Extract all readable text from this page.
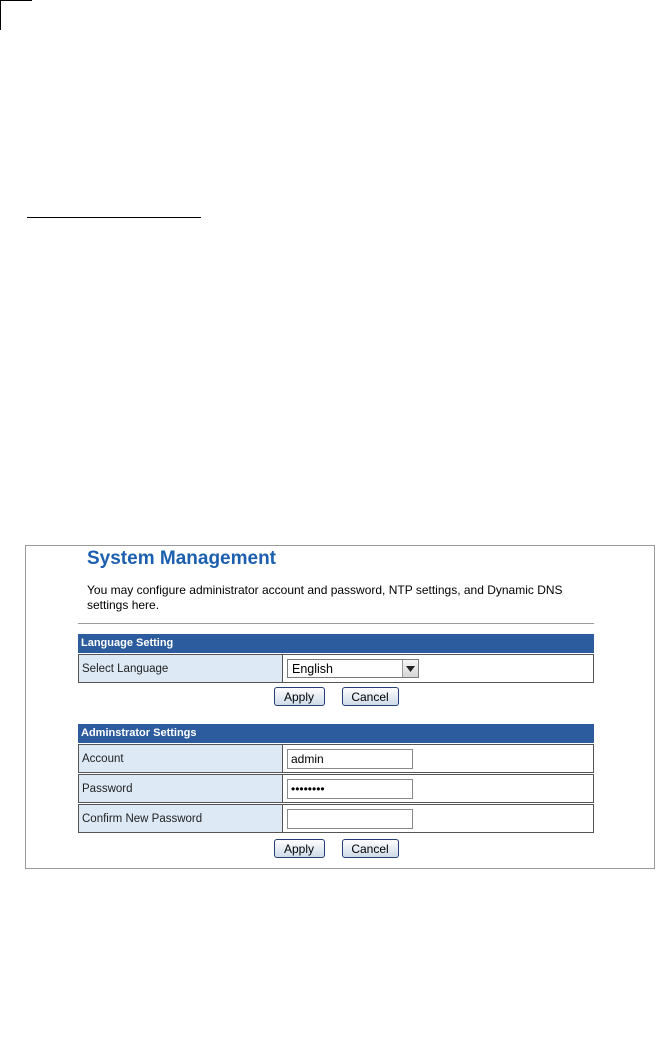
System Management

You may configure administrator account and password, NTP settings, and Dynamic DNS settings here.

Language Setting
Select Language	English
Apply	Cancel
Adminstrator Settings
Account	admin
Password	••••••••
Confirm New Password
Apply	Cancel
